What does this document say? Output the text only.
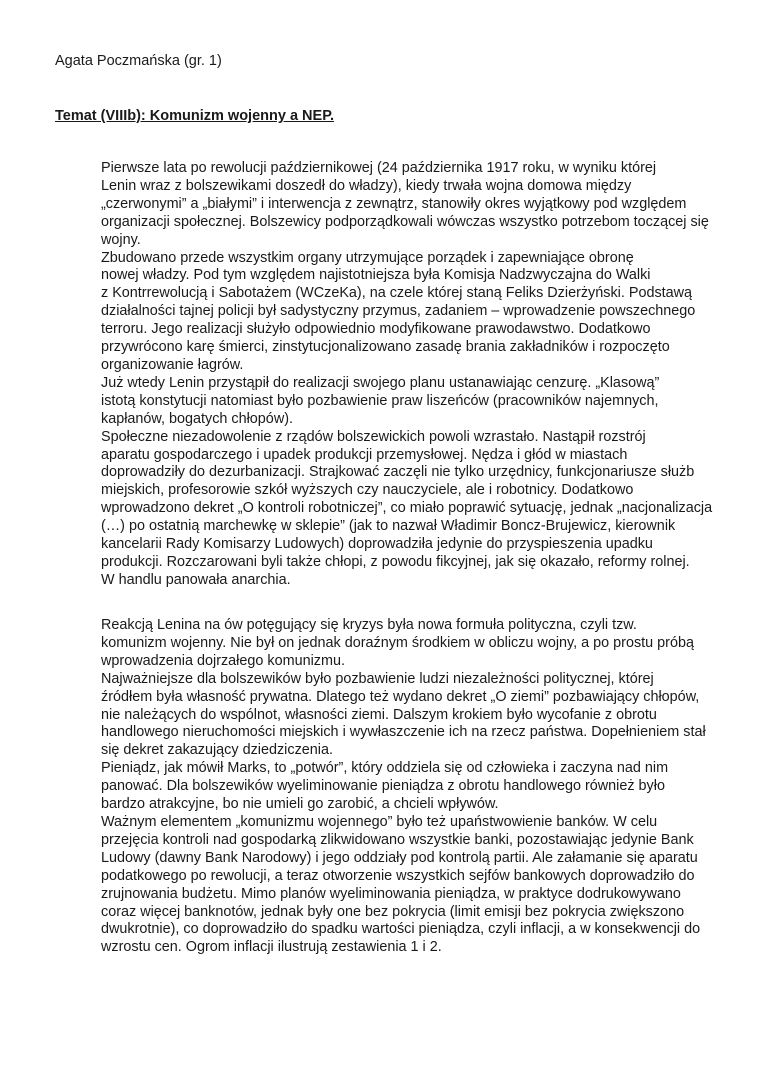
Agata Poczmańska (gr. 1)
Temat (VIIIb): Komunizm wojenny a NEP.
Pierwsze lata po rewolucji październikowej (24 października 1917 roku, w wyniku której
Lenin wraz z bolszewikami doszedł do władzy), kiedy trwała wojna domowa między
„czerwonymi” a „białymi” i interwencja z zewnątrz, stanowiły okres wyjątkowy pod względem
organizacji społecznej. Bolszewicy podporządkowali wówczas wszystko potrzebom toczącej się
wojny.
Zbudowano przede wszystkim organy utrzymujące porządek i zapewniające obronę
nowej władzy. Pod tym względem najistotniejsza była Komisja Nadzwyczajna do Walki
z Kontrrewolucją i Sabotażem (WCzeKa), na czele której staną Feliks Dzierżyński. Podstawą
działalności tajnej policji był sadystyczny przymus, zadaniem – wprowadzenie powszechnego
terroru. Jego realizacji służyło odpowiednio modyfikowane prawodawstwo. Dodatkowo
przywrócono karę śmierci, zinstytucjonalizowano zasadę brania zakładników i rozpoczęto
organizowanie łagrów.
Już wtedy Lenin przystąpił do realizacji swojego planu ustanawiając cenzurę. „Klasową”
istotą konstytucji natomiast było pozbawienie praw liszeńców (pracowników najemnych,
kapłanów, bogatych chłopów).
Społeczne niezadowolenie z rządów bolszewickich powoli wzrastało. Nastąpił rozstrój
aparatu gospodarczego i upadek produkcji przemysłowej. Nędza i głód w miastach
doprowadziły do dezurbanizacji. Strajkować zaczęli nie tylko urzędnicy, funkcjonariusze służb
miejskich, profesorowie szkół wyższych czy nauczyciele, ale i robotnicy. Dodatkowo
wprowadzono dekret „O kontroli robotniczej”, co miało poprawić sytuację, jednak „nacjonalizacja
(…) po ostatnią marchewkę w sklepie” (jak to nazwał Władimir Boncz-Brujewicz, kierownik
kancelarii Rady Komisarzy Ludowych) doprowadziła jedynie do przyspieszenia upadku
produkcji. Rozczarowani byli także chłopi, z powodu fikcyjnej, jak się okazało, reformy rolnej.
W handlu panowała anarchia.
Reakcją Lenina na ów potęgujący się kryzys była nowa formuła polityczna, czyli tzw.
komunizm wojenny. Nie był on jednak doraźnym środkiem w obliczu wojny, a po prostu próbą
wprowadzenia dojrzałego komunizmu.
Najważniejsze dla bolszewików było pozbawienie ludzi niezależności politycznej, której
źródłem była własność prywatna. Dlatego też wydano dekret „O ziemi” pozbawiający chłopów,
nie należących do wspólnot, własności ziemi. Dalszym krokiem było wycofanie z obrotu
handlowego nieruchomości miejskich i wywłaszczenie ich na rzecz państwa. Dopełnieniem stał
się dekret zakazujący dziedziczenia.
Pieniądz, jak mówił Marks, to „potwór”, który oddziela się od człowieka i zaczyna nad nim
panować. Dla bolszewików wyeliminowanie pieniądza z obrotu handlowego również było
bardzo atrakcyjne, bo nie umieli go zarobić, a chcieli wpływów.
Ważnym elementem „komunizmu wojennego” było też upaństwowienie banków. W celu
przejęcia kontroli nad gospodarką zlikwidowano wszystkie banki, pozostawiając jedynie Bank
Ludowy (dawny Bank Narodowy) i jego oddziały pod kontrolą partii. Ale załamanie się aparatu
podatkowego po rewolucji, a teraz otworzenie wszystkich sejfów bankowych doprowadziło do
zrujnowania budżetu. Mimo planów wyeliminowania pieniądza, w praktyce dodrukowywano
coraz więcej banknotów, jednak były one bez pokrycia (limit emisji bez pokrycia zwiększono
dwukrotnie), co doprowadziło do spadku wartości pieniądza, czyli inflacji, a w konsekwencji do
wzrostu cen. Ogrom inflacji ilustrują zestawienia 1 i 2.
